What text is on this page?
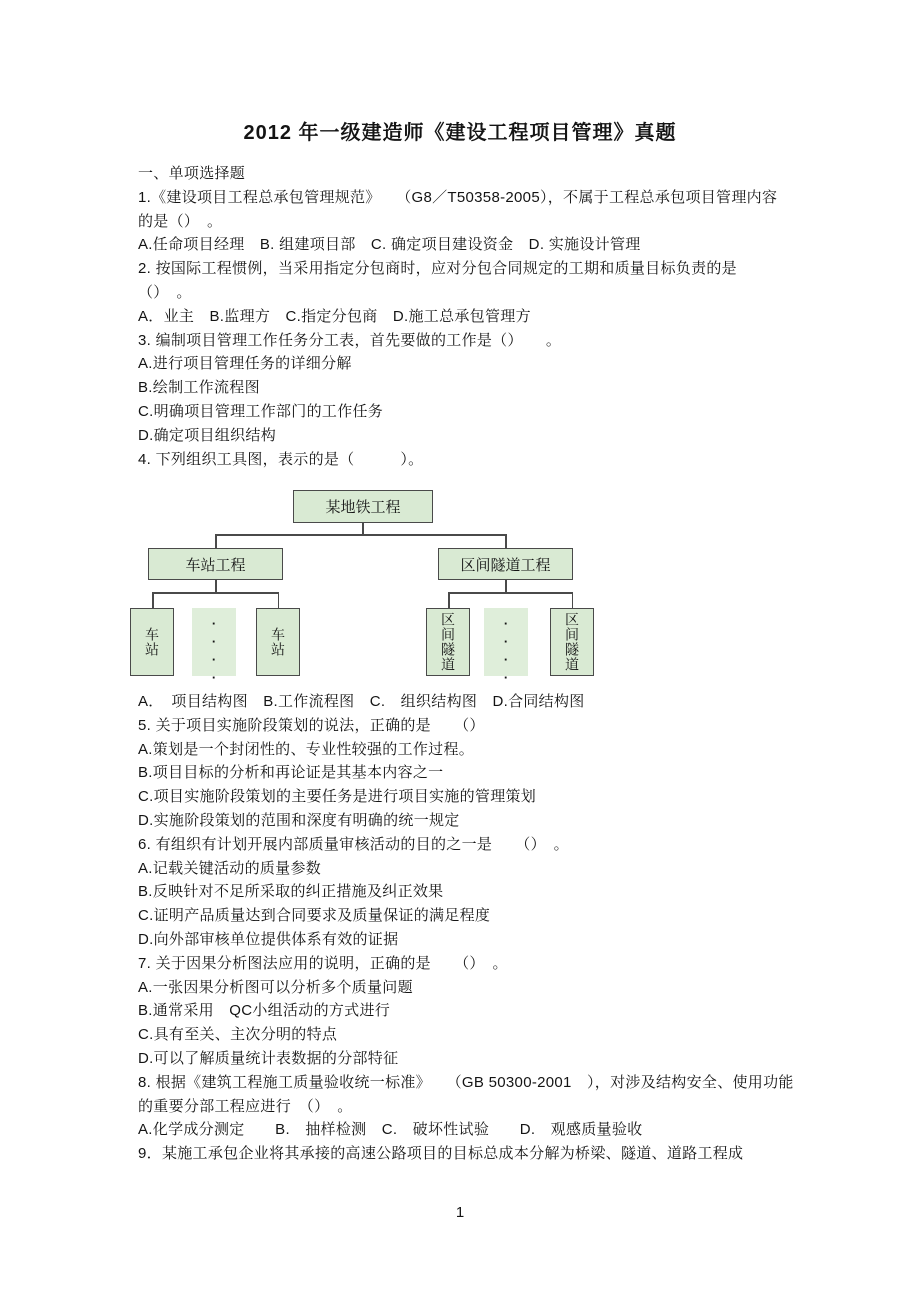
2012 年一级建造师《建设工程项目管理》真题
一、单项选择题
1.《建设项目工程总承包管理规范》　　（G8／T50358-2005），不属于工程总承包项目管理内容
的是（）　。
A.任命项目经理　B. 组建项目部　C. 确定项目建设资金　D. 实施设计管理
2. 按国际工程惯例，当采用指定分包商时，应对分包合同规定的工期和质量目标负责的是
（）　。
A．业主　B.监理方　C.指定分包商　D.施工总承包管理方
3. 编制项目管理工作任务分工表，首先要做的工作是（）　　。
A.进行项目管理任务的详细分解
B.绘制工作流程图
C.明确项目管理工作部门的工作任务
D.确定项目组织结构
4. 下列组织工具图，表示的是（　　　）。
某地铁工程
车站工程	区间隧道工程
车站	····	车站	区间隧道	····	区间隧道
A．　项目结构图　B.工作流程图　C.　组织结构图　D.合同结构图
5. 关于项目实施阶段策划的说法，正确的是　　（）
A.策划是一个封闭性的、专业性较强的工作过程。
B.项目目标的分析和再论证是其基本内容之一
C.项目实施阶段策划的主要任务是进行项目实施的管理策划
D.实施阶段策划的范围和深度有明确的统一规定
6. 有组织有计划开展内部质量审核活动的目的之一是　　（）　。
A.记载关键活动的质量参数
B.反映针对不足所采取的纠正措施及纠正效果
C.证明产品质量达到合同要求及质量保证的满足程度
D.向外部审核单位提供体系有效的证据
7. 关于因果分析图法应用的说明，正确的是　　（）　。
A.一张因果分析图可以分析多个质量问题
B.通常采用　QC小组活动的方式进行
C.具有至关、主次分明的特点
D.可以了解质量统计表数据的分部特征
8. 根据《建筑工程施工质量验收统一标准》　　（GB 50300-2001　），对涉及结构安全、使用功能
的重要分部工程应进行　（）　。
A.化学成分测定　　B.　抽样检测　C.　破坏性试验　　D.　观感质量验收
9．某施工承包企业将其承接的高速公路项目的目标总成本分解为桥梁、隧道、道路工程成
1
